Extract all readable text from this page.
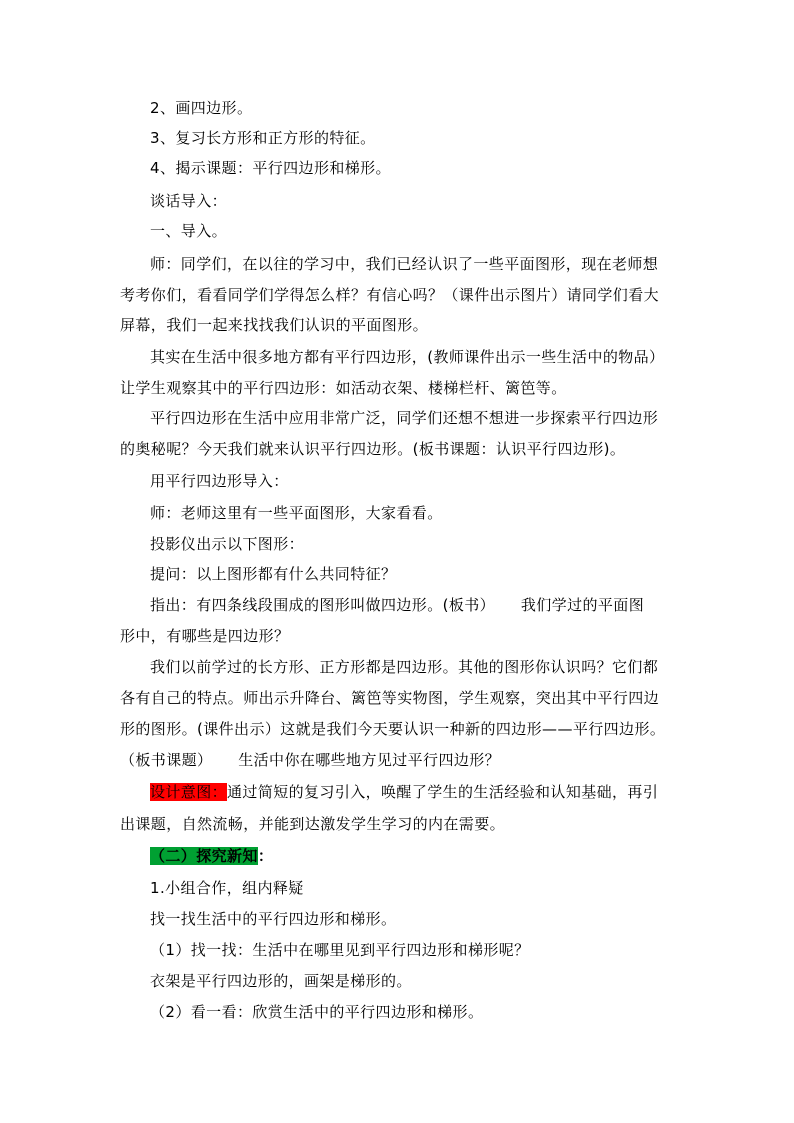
2、画四边形。
3、复习长方形和正方形的特征。
4、揭示课题：平行四边形和梯形。
谈话导入：
一、导入。
师：同学们，在以往的学习中，我们已经认识了一些平面图形，现在老师想
考考你们，看看同学们学得怎么样？有信心吗？（课件出示图片）请同学们看大
屏幕，我们一起来找找我们认识的平面图形。
其实在生活中很多地方都有平行四边形，(教师课件出示一些生活中的物品）
让学生观察其中的平行四边形：如活动衣架、楼梯栏杆、篱笆等。
平行四边形在生活中应用非常广泛，同学们还想不想进一步探索平行四边形
的奥秘呢？今天我们就来认识平行四边形。(板书课题：认识平行四边形)。
用平行四边形导入：
师：老师这里有一些平面图形，大家看看。
投影仪出示以下图形：
提问：以上图形都有什么共同特征？
指出：有四条线段围成的图形叫做四边形。(板书）     我们学过的平面图
形中，有哪些是四边形？
我们以前学过的长方形、正方形都是四边形。其他的图形你认识吗？它们都
各有自己的特点。师出示升降台、篱笆等实物图，学生观察，突出其中平行四边
形的图形。(课件出示）这就是我们今天要认识一种新的四边形——平行四边形。
（板书课题）     生活中你在哪些地方见过平行四边形？
设计意图：通过简短的复习引入，唤醒了学生的生活经验和认知基础，再引
出课题，自然流畅，并能到达激发学生学习的内在需要。
（二）探究新知：
1.小组合作，组内释疑
找一找生活中的平行四边形和梯形。
（1）找一找：生活中在哪里见到平行四边形和梯形呢？
衣架是平行四边形的，画架是梯形的。
（2）看一看：欣赏生活中的平行四边形和梯形。
